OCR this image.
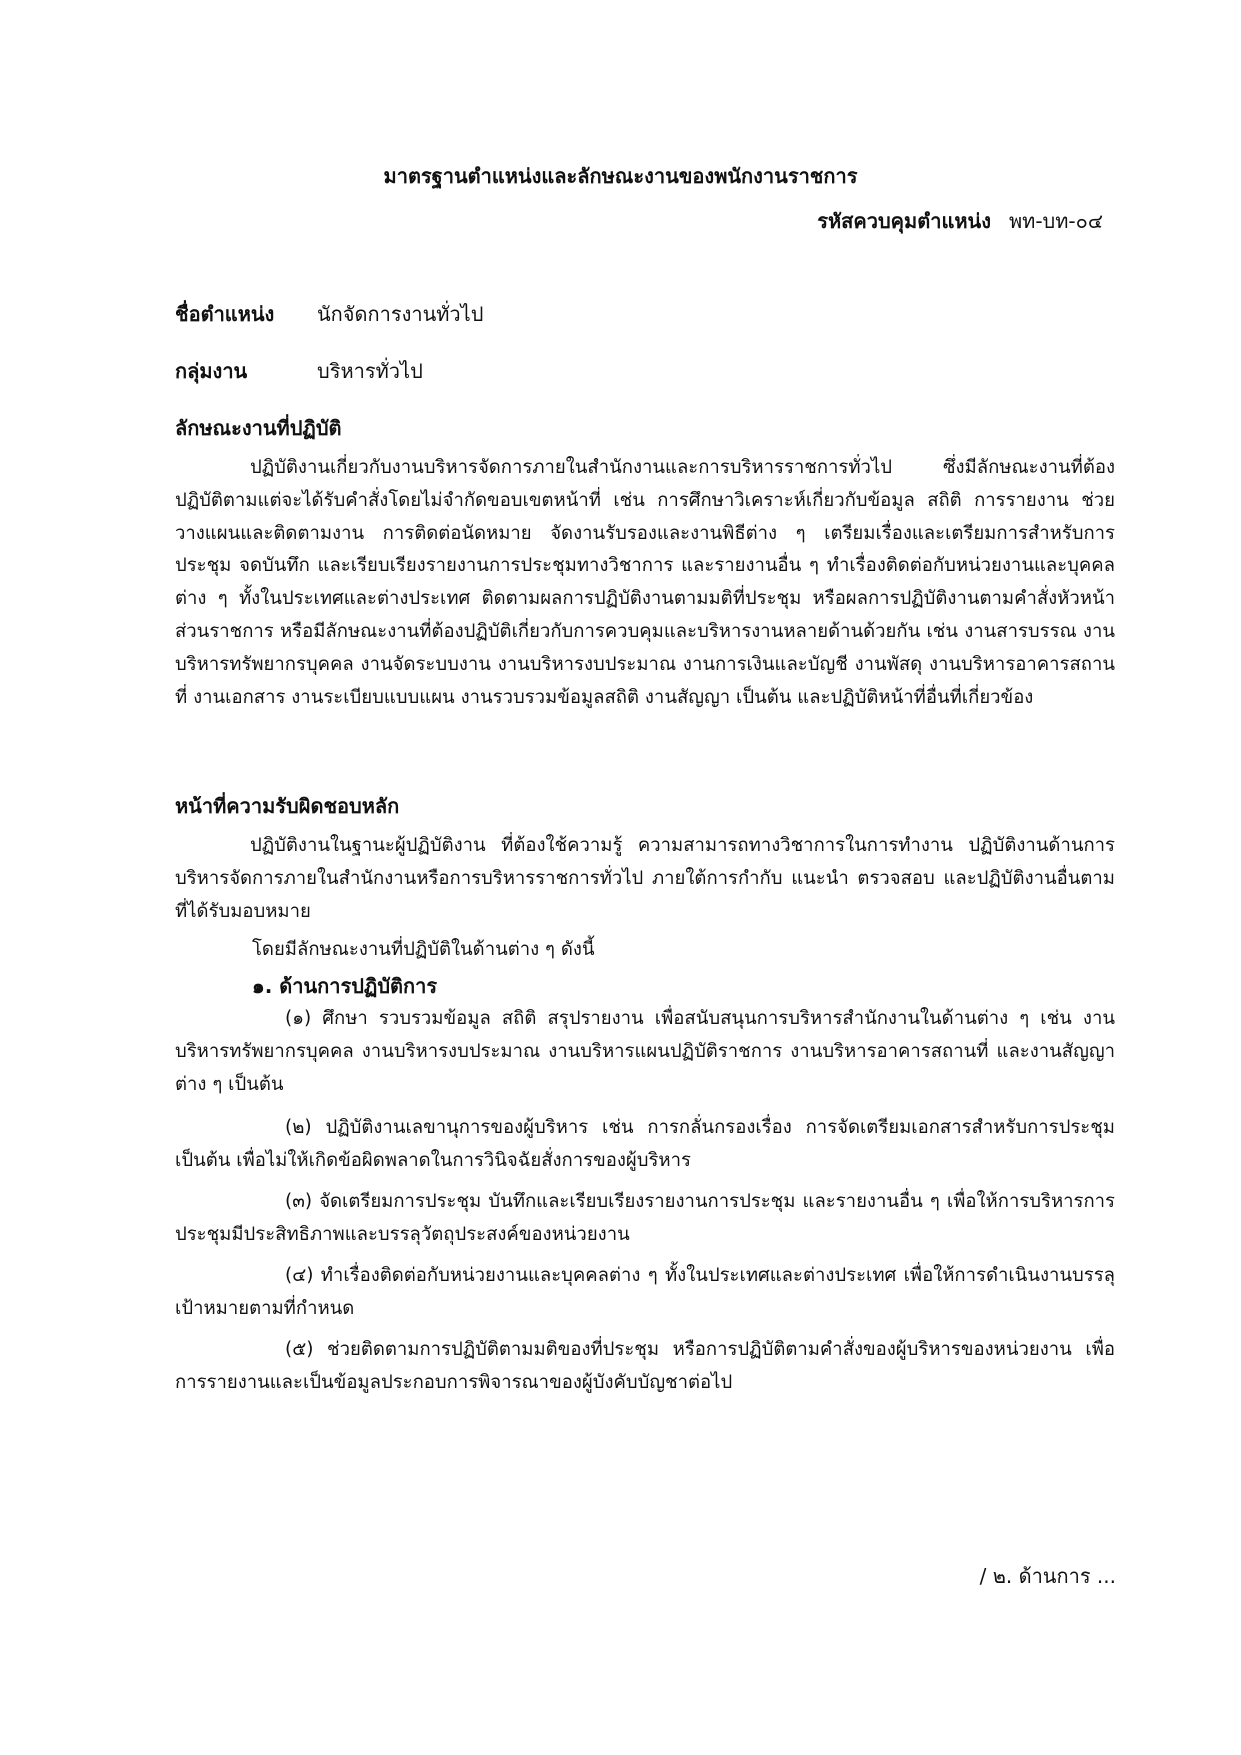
มาตรฐานตำแหน่งและลักษณะงานของพนักงานราชการ
รหัสควบคุมตำแหน่ง พท-บท-๐๔
ชื่อตำแหน่ง นักจัดการงานทั่วไป
กลุ่มงาน	บริหารทั่วไป
ลักษณะงานที่ปฏิบัติ

ปฏิบัติงานเกี่ยวกับงานบริหารจัดการภายในสำนักงานและการบริหารราชการทั่วไป ซึ่งมีลักษณะงานที่ต้องปฏิบัติตามแต่จะได้รับคำสั่งโดยไม่จำกัดขอบเขตหน้าที่ เช่น การศึกษาวิเคราะห์เกี่ยวกับข้อมูล สถิติ การรายงาน ช่วยวางแผนและติดตามงาน การติดต่อนัดหมาย จัดงานรับรองและงานพิธีต่าง ๆ เตรียมเรื่องและเตรียมการสำหรับการประชุม จดบันทึก และเรียบเรียงรายงานการประชุมทางวิชาการ และรายงานอื่น ๆ ทำเรื่องติดต่อกับหน่วยงานและบุคคลต่าง ๆ ทั้งในประเทศและต่างประเทศ ติดตามผลการปฏิบัติงานตามมติที่ประชุม หรือผลการปฏิบัติงานตามคำสั่งหัวหน้าส่วนราชการ หรือมีลักษณะงานที่ต้องปฏิบัติเกี่ยวกับการควบคุมและบริหารงานหลายด้านด้วยกัน เช่น งานสารบรรณ งานบริหารทรัพยากรบุคคล งานจัดระบบงาน งานบริหารงบประมาณ งานการเงินและบัญชี งานพัสดุ งานบริหารอาคารสถานที่ งานเอกสาร งานระเบียบแบบแผน งานรวบรวมข้อมูลสถิติ งานสัญญา เป็นต้น และปฏิบัติหน้าที่อื่นที่เกี่ยวข้อง

หน้าที่ความรับผิดชอบหลัก

ปฏิบัติงานในฐานะผู้ปฏิบัติงาน ที่ต้องใช้ความรู้ ความสามารถทางวิชาการในการทำงาน ปฏิบัติงานด้านการบริหารจัดการภายในสำนักงานหรือการบริหารราชการทั่วไป ภายใต้การกำกับ แนะนำ ตรวจสอบ และปฏิบัติงานอื่นตามที่ได้รับมอบหมาย

โดยมีลักษณะงานที่ปฏิบัติในด้านต่าง ๆ ดังนี้
๑. ด้านการปฏิบัติการ

(๑) ศึกษา รวบรวมข้อมูล สถิติ สรุปรายงาน เพื่อสนับสนุนการบริหารสำนักงานในด้านต่าง ๆ เช่น งานบริหารทรัพยากรบุคคล งานบริหารงบประมาณ งานบริหารแผนปฏิบัติราชการ งานบริหารอาคารสถานที่ และงานสัญญาต่าง ๆ เป็นต้น

(๒) ปฏิบัติงานเลขานุการของผู้บริหาร เช่น การกลั่นกรองเรื่อง การจัดเตรียมเอกสารสำหรับการประชุม เป็นต้น เพื่อไม่ให้เกิดข้อผิดพลาดในการวินิจฉัยสั่งการของผู้บริหาร

(๓) จัดเตรียมการประชุม บันทึกและเรียบเรียงรายงานการประชุม และรายงานอื่น ๆ เพื่อให้การบริหารการประชุมมีประสิทธิภาพและบรรลุวัตถุประสงค์ของหน่วยงาน

(๔) ทำเรื่องติดต่อกับหน่วยงานและบุคคลต่าง ๆ ทั้งในประเทศและต่างประเทศ เพื่อให้การดำเนินงานบรรลุเป้าหมายตามที่กำหนด

(๕) ช่วยติดตามการปฏิบัติตามมติของที่ประชุม หรือการปฏิบัติตามคำสั่งของผู้บริหารของหน่วยงาน เพื่อการรายงานและเป็นข้อมูลประกอบการพิจารณาของผู้บังคับบัญชาต่อไป

/ ๒. ด้านการ ...
